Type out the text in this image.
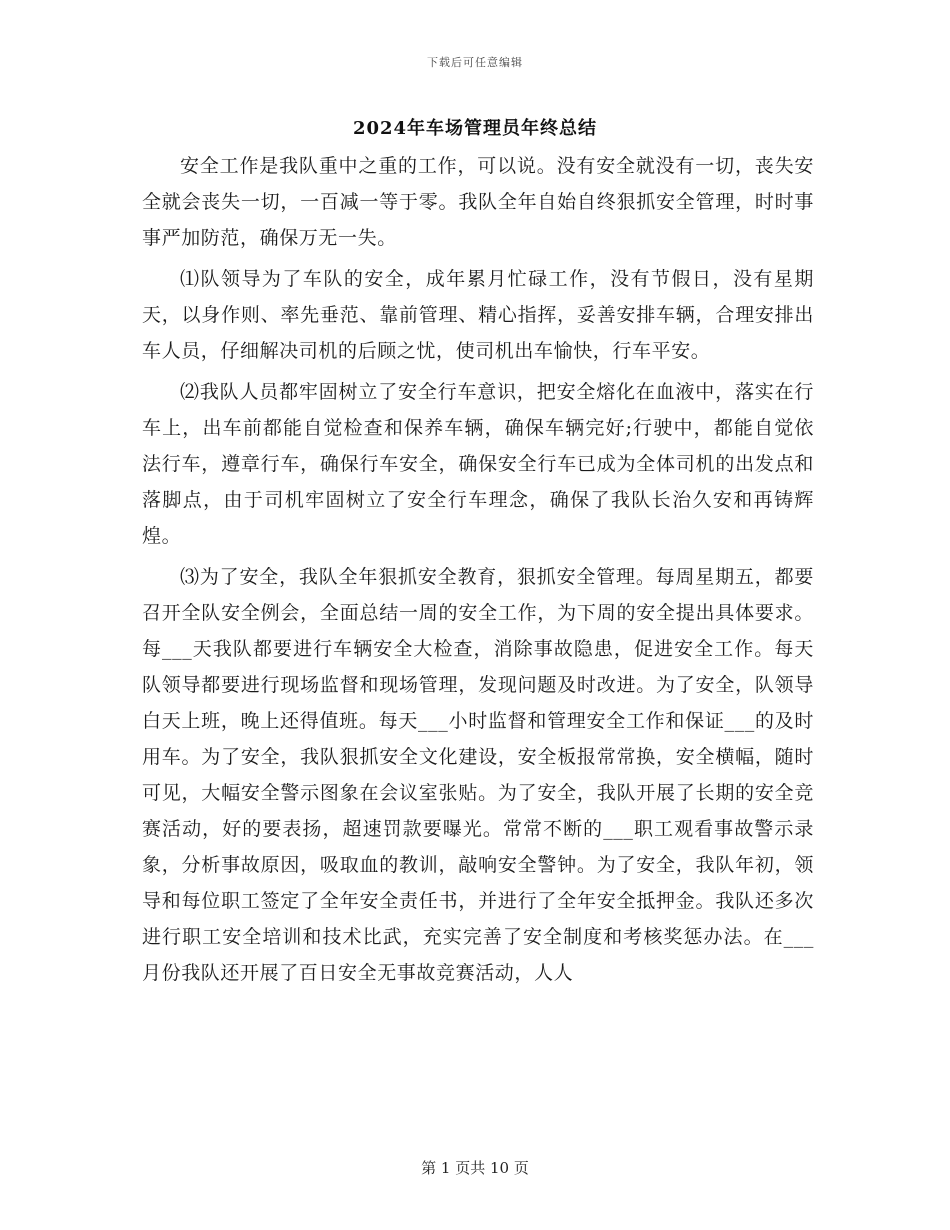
下载后可任意编辑
2024年车场管理员年终总结

安全工作是我队重中之重的工作，可以说。没有安全就没有一切，丧失安全就会丧失一切，一百减一等于零。我队全年自始自终狠抓安全管理，时时事事严加防范，确保万无一失。

⑴队领导为了车队的安全，成年累月忙碌工作，没有节假日，没有星期天，以身作则、率先垂范、靠前管理、精心指挥，妥善安排车辆，合理安排出车人员，仔细解决司机的后顾之忧，使司机出车愉快，行车平安。

⑵我队人员都牢固树立了安全行车意识，把安全熔化在血液中，落实在行车上，出车前都能自觉检查和保养车辆，确保车辆完好;行驶中，都能自觉依法行车，遵章行车，确保行车安全，确保安全行车已成为全体司机的出发点和落脚点，由于司机牢固树立了安全行车理念，确保了我队长治久安和再铸辉煌。

⑶为了安全，我队全年狠抓安全教育，狠抓安全管理。每周星期五，都要召开全队安全例会，全面总结一周的安全工作，为下周的安全提出具体要求。每___天我队都要进行车辆安全大检查，消除事故隐患，促进安全工作。每天队领导都要进行现场监督和现场管理，发现问题及时改进。为了安全，队领导白天上班，晚上还得值班。每天___小时监督和管理安全工作和保证___的及时用车。为了安全，我队狠抓安全文化建设，安全板报常常换，安全横幅，随时可见，大幅安全警示图象在会议室张贴。为了安全，我队开展了长期的安全竞赛活动，好的要表扬，超速罚款要曝光。常常不断的___职工观看事故警示录象，分析事故原因，吸取血的教训，敲响安全警钟。为了安全，我队年初，领导和每位职工签定了全年安全责任书，并进行了全年安全抵押金。我队还多次进行职工安全培训和技术比武，充实完善了安全制度和考核奖惩办法。在___月份我队还开展了百日安全无事故竞赛活动，人人

第 1 页共 10 页
